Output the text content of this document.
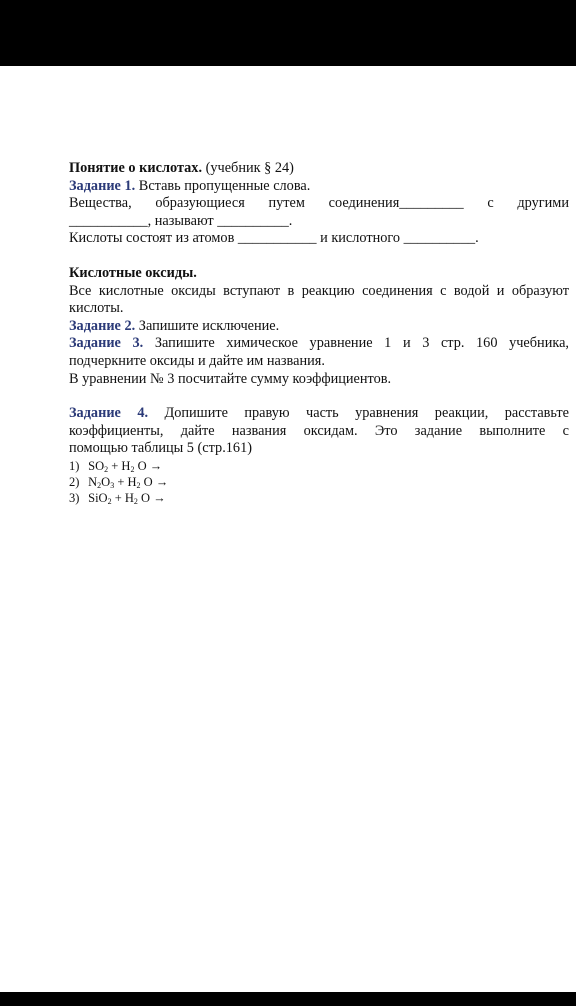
Понятие о кислотах. (учебник § 24)
Задание 1. Вставь пропущенные слова.
Вещества, образующиеся путем соединения_________ с другими
___________, называют __________.
Кислоты состоят из атомов ___________ и кислотного __________.
Кислотные оксиды.
Все кислотные оксиды вступают в реакцию соединения с водой и образуют
кислоты.
Задание 2. Запишите исключение.
Задание 3. Запишите химическое уравнение 1 и 3 стр. 160 учебника,
подчеркните оксиды и дайте им названия.
В уравнении № 3 посчитайте сумму коэффициентов.
Задание 4. Допишите правую часть уравнения реакции, расставьте
коэффициенты, дайте названия оксидам. Это задание выполните с
помощью таблицы 5 (стр.161)
1) $SO_2 + H_2$ O →
2) $N_2O_3 + H_2$ O →
3) $SiO_2 + H_2$ O →
